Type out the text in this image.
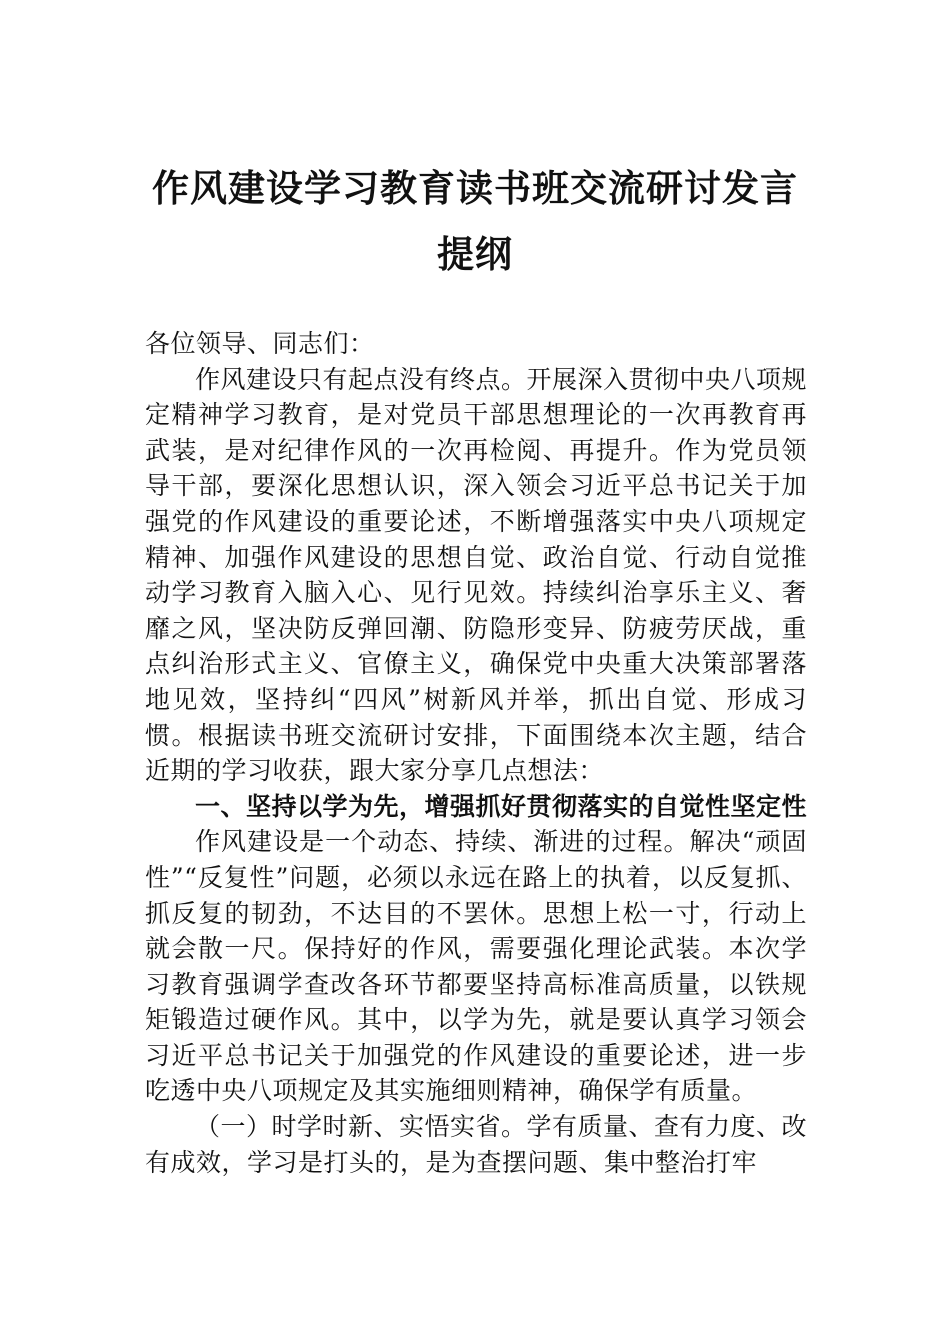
作风建设学习教育读书班交流研讨发言提纲

各位领导、同志们：

作风建设只有起点没有终点。开展深入贯彻中央八项规定精神学习教育，是对党员干部思想理论的一次再教育再武装，是对纪律作风的一次再检阅、再提升。作为党员领导干部，要深化思想认识，深入领会习近平总书记关于加强党的作风建设的重要论述，不断增强落实中央八项规定精神、加强作风建设的思想自觉、政治自觉、行动自觉推动学习教育入脑入心、见行见效。持续纠治享乐主义、奢靡之风，坚决防反弹回潮、防隐形变异、防疲劳厌战，重点纠治形式主义、官僚主义，确保党中央重大决策部署落地见效，坚持纠“四风”树新风并举，抓出自觉、形成习惯。根据读书班交流研讨安排，下面围绕本次主题，结合近期的学习收获，跟大家分享几点想法：

一、坚持以学为先，增强抓好贯彻落实的自觉性坚定性

作风建设是一个动态、持续、渐进的过程。解决“顽固性”“反复性”问题，必须以永远在路上的执着，以反复抓、抓反复的韧劲，不达目的不罢休。思想上松一寸，行动上就会散一尺。保持好的作风，需要强化理论武装。本次学习教育强调学查改各环节都要坚持高标准高质量，以铁规矩锻造过硬作风。其中，以学为先，就是要认真学习领会习近平总书记关于加强党的作风建设的重要论述，进一步吃透中央八项规定及其实施细则精神，确保学有质量。

（一）时学时新、实悟实省。学有质量、查有力度、改有成效，学习是打头的，是为查摆问题、集中整治打牢
